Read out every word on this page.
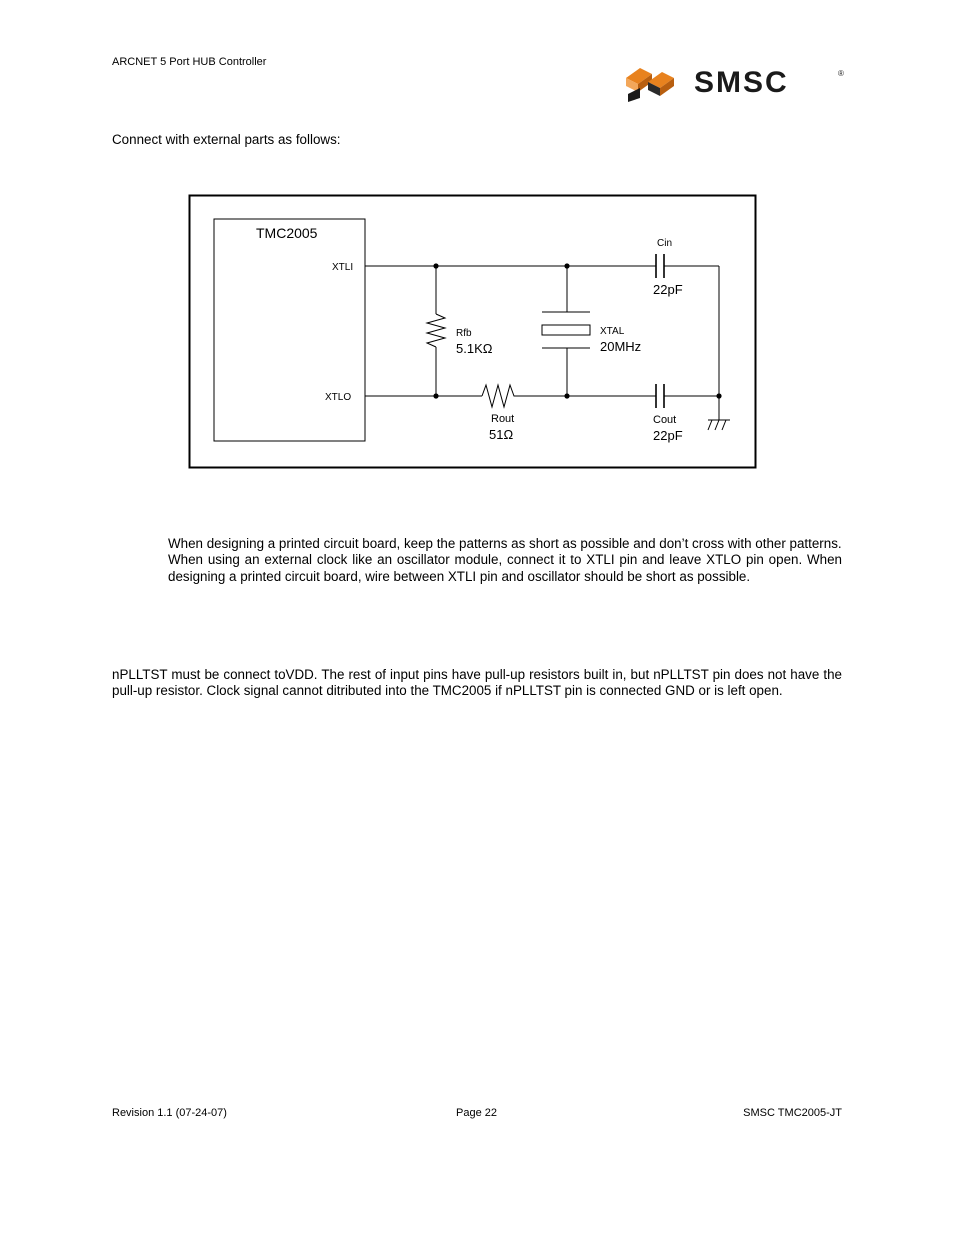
ARCNET 5 Port HUB Controller
SMSC	®
Connect with external parts as follows:
TMC2005
XTLI
XTLO
Rfb
5.1KΩ
XTAL
20MHz
Rout
51Ω
Cin
22pF
Cout
22pF

When designing a printed circuit board, keep the patterns as short as possible and don’t cross with other patterns.

When using an external clock like an oscillator module, connect it to XTLI pin and leave XTLO pin open. When designing a printed circuit board, wire between XTLI pin and oscillator should be short as possible.

nPLLTST must be connect toVDD. The rest of input pins have pull-up resistors built in, but nPLLTST pin does not have the pull-up resistor. Clock signal cannot ditributed into the TMC2005 if nPLLTST pin is connected GND or is left open.

Revision 1.1 (07-24-07)	Page 22	SMSC TMC2005-JT
